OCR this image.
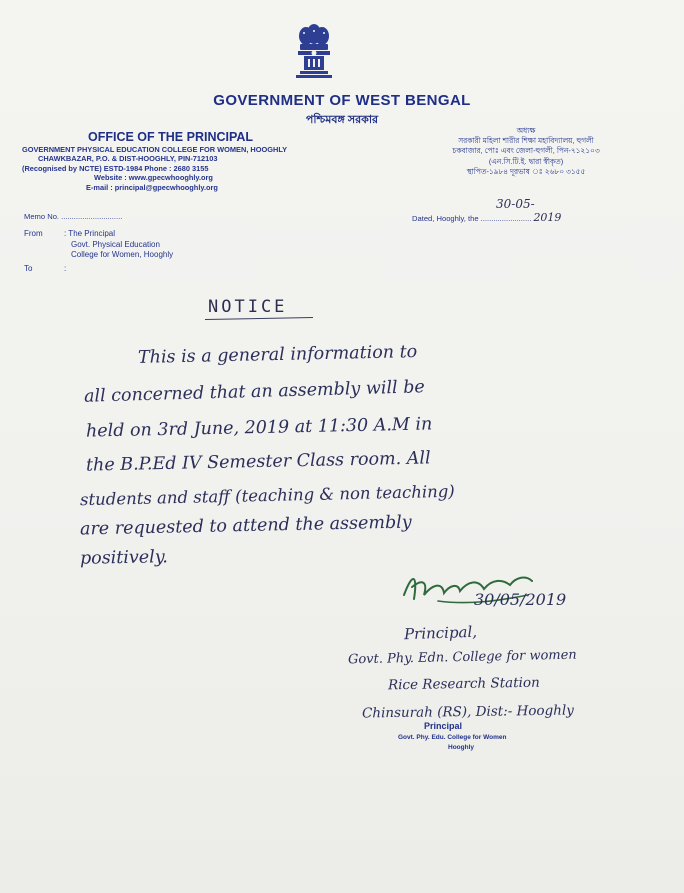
GOVERNMENT OF WEST BENGAL
পশ্চিমবঙ্গ সরকার
OFFICE OF THE PRINCIPAL
GOVERNMENT PHYSICAL EDUCATION COLLEGE FOR WOMEN, HOOGHLY
CHAWKBAZAR, P.O. & DIST-HOOGHLY, PIN-712103
(Recognised by NCTE) ESTD-1984 Phone : 2680 3155
Website : www.gpecwhooghly.org
E-mail : principal@gpecwhooghly.org
অধ্যক্ষ
সরকারী মহিলা শারীর শিক্ষা মহাবিদ্যালয়, হুগলী
চকবাজার, পোঃ এবং জেলা-হুগলী, পিন-৭১২১০৩
(এন.সি.টি.ই. দ্বারা স্বীকৃত)
স্থাপিত-১৯৮৪ দূরভাষ ঃ ২৬৮০ ৩১৫৫
30-05-
Dated, Hooghly, the ........................ 2019
Memo No. .............................
From	: The Principal
Govt. Physical Education
College for Women, Hooghly
To	:
NOTICE
This is a general information to
all concerned that an assembly will be
held on 3rd June, 2019 at 11:30 A.M in
the B.P.Ed IV Semester Class room. All
students and staff (teaching & non teaching)
are requested to attend the assembly
positively.
30/05/2019
Principal,
Govt. Phy. Edn. College for women
Rice Research Station
Chinsurah (RS), Dist:- Hooghly
Principal
Govt. Phy. Edu. College for Women
Hooghly
